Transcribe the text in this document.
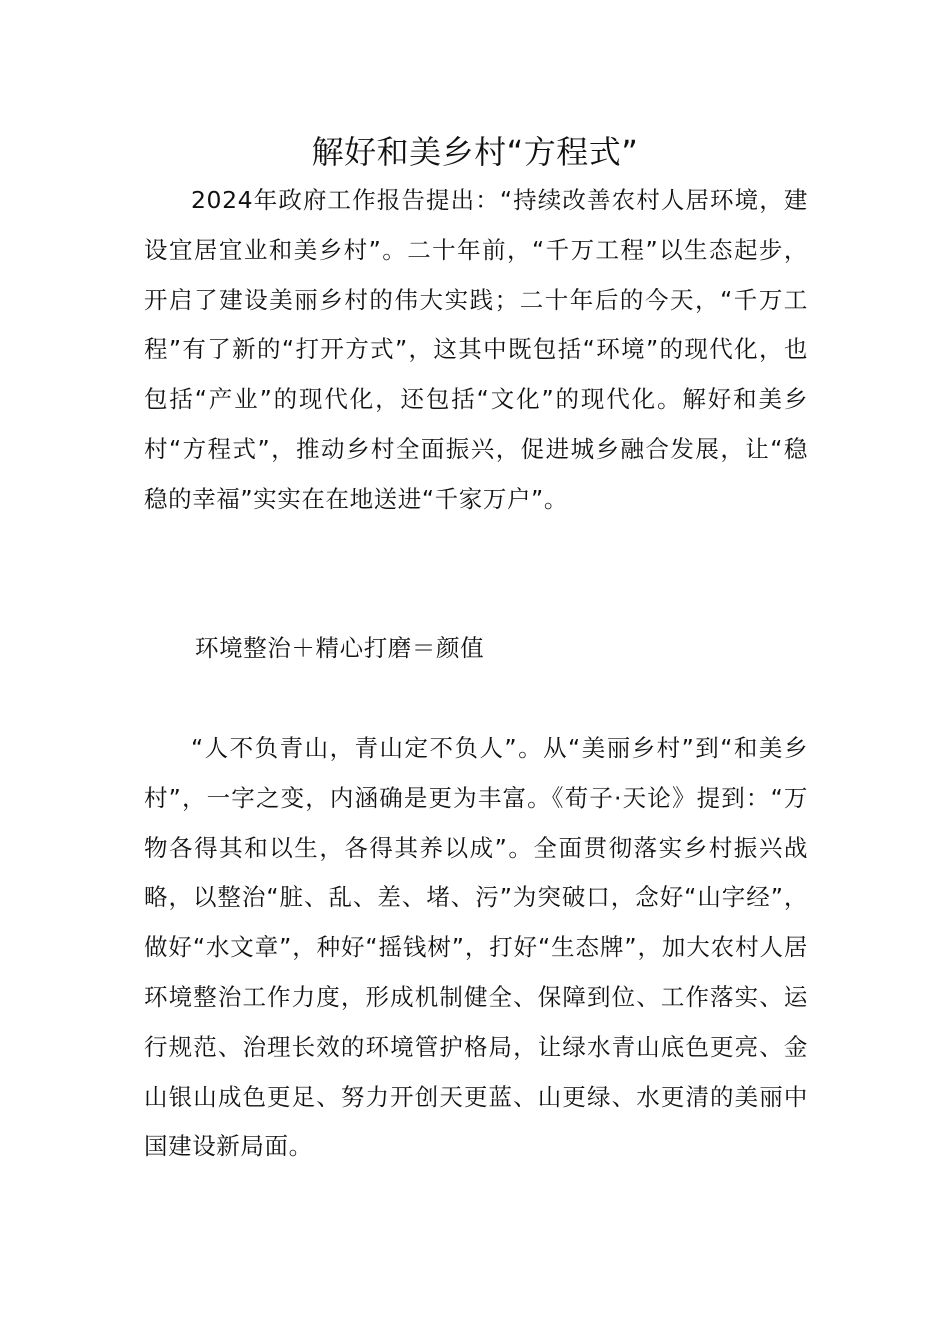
解好和美乡村“方程式”

2024年政府工作报告提出：“持续改善农村人居环境，建设宜居宜业和美乡村”。二十年前，“千万工程”以生态起步，开启了建设美丽乡村的伟大实践；二十年后的今天，“千万工程”有了新的“打开方式”，这其中既包括“环境”的现代化，也包括“产业”的现代化，还包括“文化”的现代化。解好和美乡村“方程式”，推动乡村全面振兴，促进城乡融合发展，让“稳稳的幸福”实实在在地送进“千家万户”。

环境整治＋精心打磨＝颜值

“人不负青山，青山定不负人”。从“美丽乡村”到“和美乡村”，一字之变，内涵确是更为丰富。《荀子·天论》提到：“万物各得其和以生，各得其养以成”。全面贯彻落实乡村振兴战略，以整治“脏、乱、差、堵、污”为突破口，念好“山字经”，做好“水文章”，种好“摇钱树”，打好“生态牌”，加大农村人居环境整治工作力度，形成机制健全、保障到位、工作落实、运行规范、治理长效的环境管护格局，让绿水青山底色更亮、金山银山成色更足、努力开创天更蓝、山更绿、水更清的美丽中国建设新局面。
